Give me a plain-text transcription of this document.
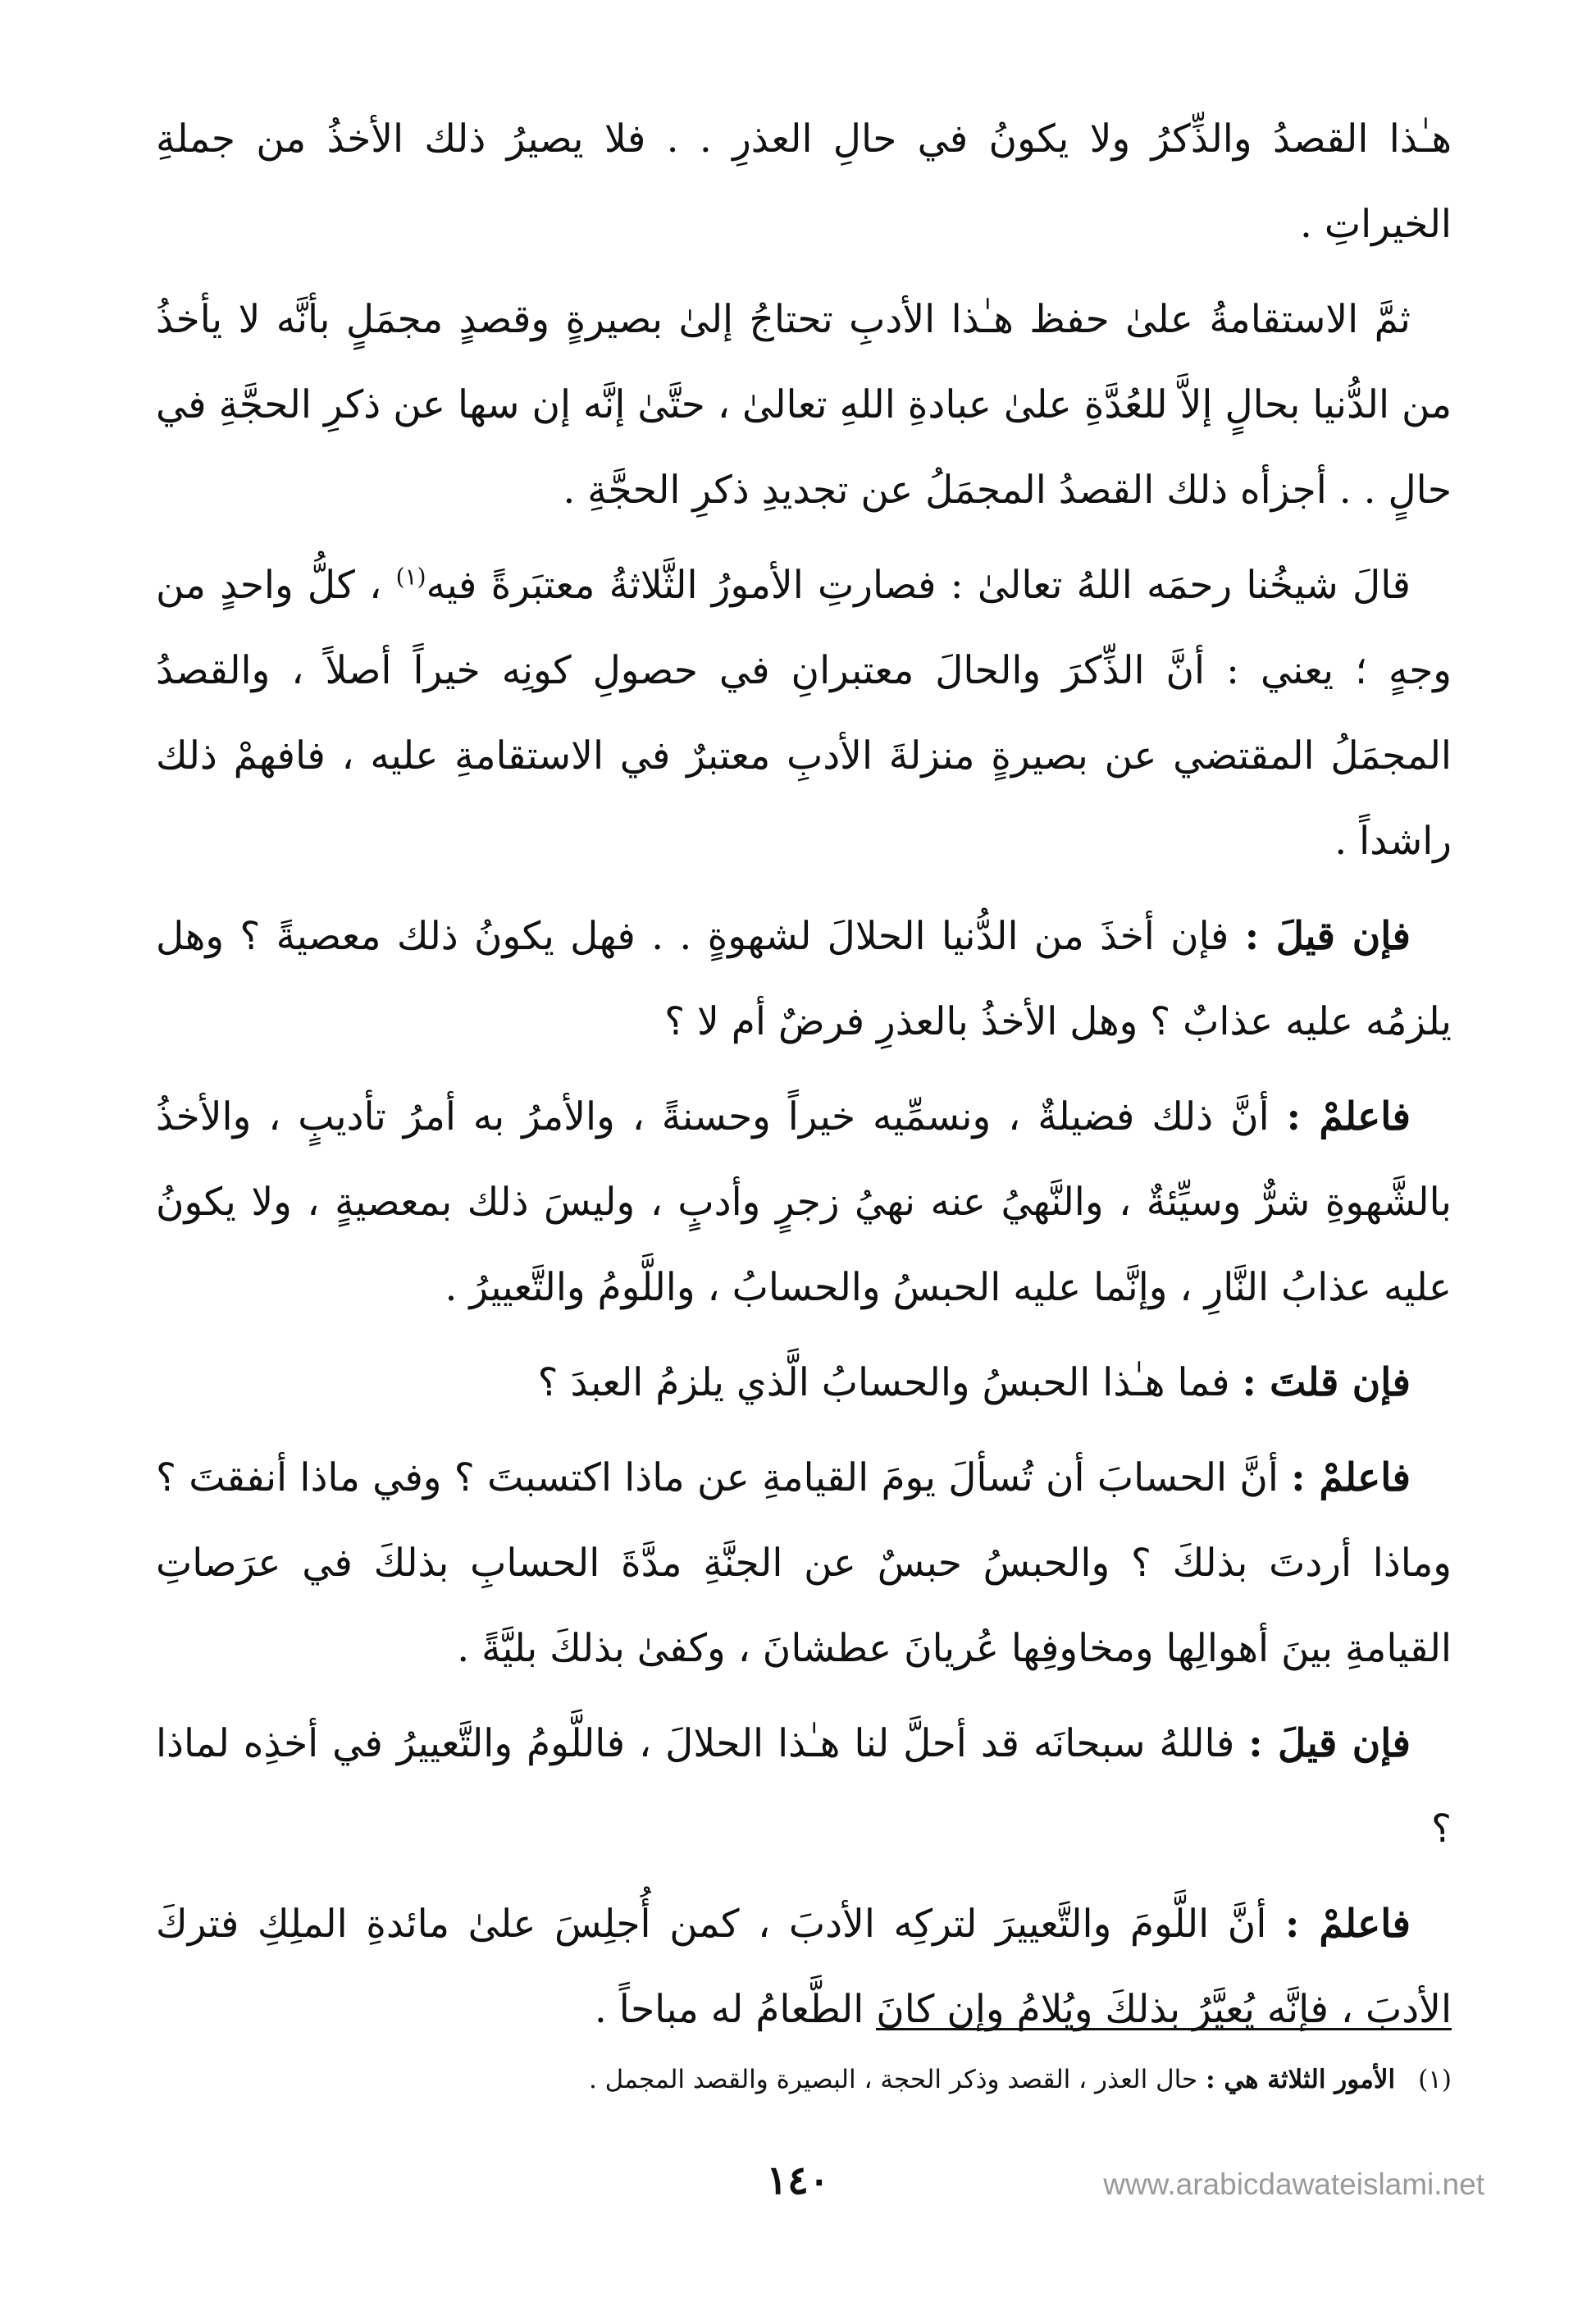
هـٰذا القصدُ والذِّكرُ ولا يكونُ في حالِ العذرِ . . فلا يصيرُ ذلك الأخذُ من جملةِ الخيراتِ .

ثمَّ الاستقامةُ علىٰ حفظ هـٰذا الأدبِ تحتاجُ إلىٰ بصيرةٍ وقصدٍ مجمَلٍ بأنَّه لا يأخذُ من الدُّنيا بحالٍ إلاَّ للعُدَّةِ علىٰ عبادةِ اللهِ تعالىٰ ، حتَّىٰ إنَّه إن سها عن ذكرِ الحجَّةِ في حالٍ . . أجزأه ذلك القصدُ المجمَلُ عن تجديدِ ذكرِ الحجَّةِ .

قالَ شيخُنا رحمَه اللهُ تعالىٰ : فصارتِ الأمورُ الثَّلاثةُ معتبَرةً فيه$^{(١)}$ ، كلُّ واحدٍ من وجهٍ ؛ يعني : أنَّ الذِّكرَ والحالَ معتبرانِ في حصولِ كونِه خيراً أصلاً ، والقصدُ المجمَلُ المقتضي عن بصيرةٍ منزلةَ الأدبِ معتبرٌ في الاستقامةِ عليه ، فافهمْ ذلك راشداً .

فإن قيلَ : فإن أخذَ من الدُّنيا الحلالَ لشهوةٍ . . فهل يكونُ ذلك معصيةً ؟ وهل يلزمُه عليه عذابٌ ؟ وهل الأخذُ بالعذرِ فرضٌ أم لا ؟

فاعلمْ : أنَّ ذلك فضيلةٌ ، ونسمِّيه خيراً وحسنةً ، والأمرُ به أمرُ تأديبٍ ، والأخذُ بالشَّهوةِ شرٌّ وسيِّئةٌ ، والنَّهيُ عنه نهيُ زجرٍ وأدبٍ ، وليسَ ذلك بمعصيةٍ ، ولا يكونُ عليه عذابُ النَّارِ ، وإنَّما عليه الحبسُ والحسابُ ، واللَّومُ والتَّعييرُ .

فإن قلتَ : فما هـٰذا الحبسُ والحسابُ الَّذي يلزمُ العبدَ ؟

فاعلمْ : أنَّ الحسابَ أن تُسألَ يومَ القيامةِ عن ماذا اكتسبتَ ؟ وفي ماذا أنفقتَ ؟ وماذا أردتَ بذلكَ ؟ والحبسُ حبسٌ عن الجنَّةِ مدَّةَ الحسابِ بذلكَ في عرَصاتِ القيامةِ بينَ أهوالِها ومخاوفِها عُريانَ عطشانَ ، وكفىٰ بذلكَ بليَّةً .

فإن قيلَ : فاللهُ سبحانَه قد أحلَّ لنا هـٰذا الحلالَ ، فاللَّومُ والتَّعييرُ في أخذِه لماذا ؟

فاعلمْ : أنَّ اللَّومَ والتَّعييرَ لتركِه الأدبَ ، كمن أُجلِسَ علىٰ مائدةِ الملِكِ فتركَ الأدبَ ، فإنَّه يُعيَّرُ بذلكَ ويُلامُ وإن كانَ الطَّعامُ له مباحاً .

(١)الأمور الثلاثة هي : حال العذر ، القصد وذكر الحجة ، البصيرة والقصد المجمل .
١٤٠	www.arabicdawateislami.net
